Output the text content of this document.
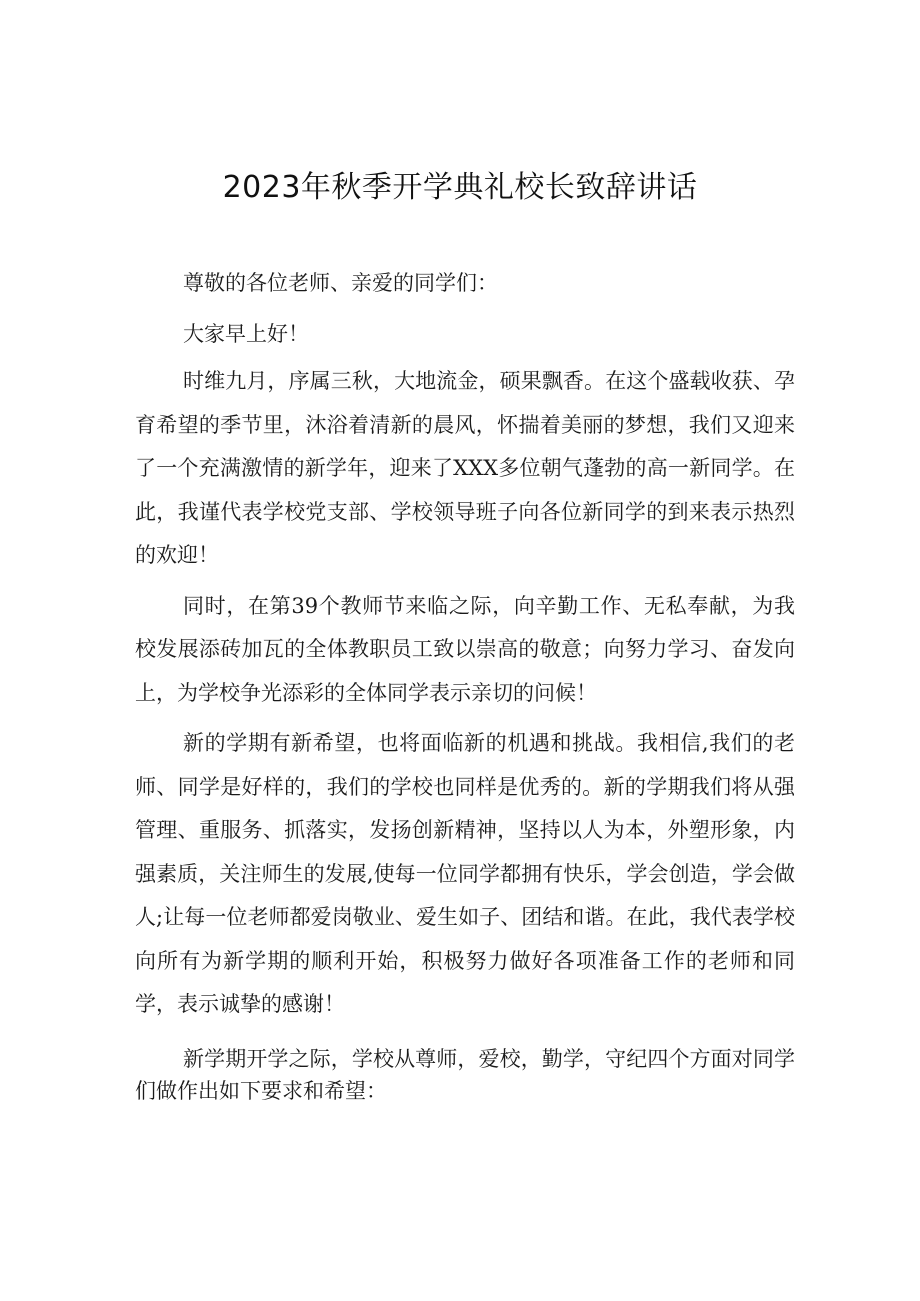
2023年秋季开学典礼校长致辞讲话

尊敬的各位老师、亲爱的同学们：

大家早上好！

时维九月，序属三秋，大地流金，硕果飘香。在这个盛载收获、孕育希望的季节里，沐浴着清新的晨风，怀揣着美丽的梦想，我们又迎来了一个充满激情的新学年，迎来了XXX多位朝气蓬勃的高一新同学。在此，我谨代表学校党支部、学校领导班子向各位新同学的到来表示热烈的欢迎！

同时，在第39个教师节来临之际，向辛勤工作、无私奉献，为我校发展添砖加瓦的全体教职员工致以崇高的敬意；向努力学习、奋发向上，为学校争光添彩的全体同学表示亲切的问候！

新的学期有新希望，也将面临新的机遇和挑战。我相信,我们的老师、同学是好样的，我们的学校也同样是优秀的。新的学期我们将从强管理、重服务、抓落实，发扬创新精神，坚持以人为本，外塑形象，内强素质，关注师生的发展,使每一位同学都拥有快乐，学会创造，学会做人;让每一位老师都爱岗敬业、爱生如子、团结和谐。在此，我代表学校向所有为新学期的顺利开始，积极努力做好各项准备工作的老师和同学，表示诚挚的感谢！

新学期开学之际，学校从尊师，爱校，勤学，守纪四个方面对同学们做作出如下要求和希望：
